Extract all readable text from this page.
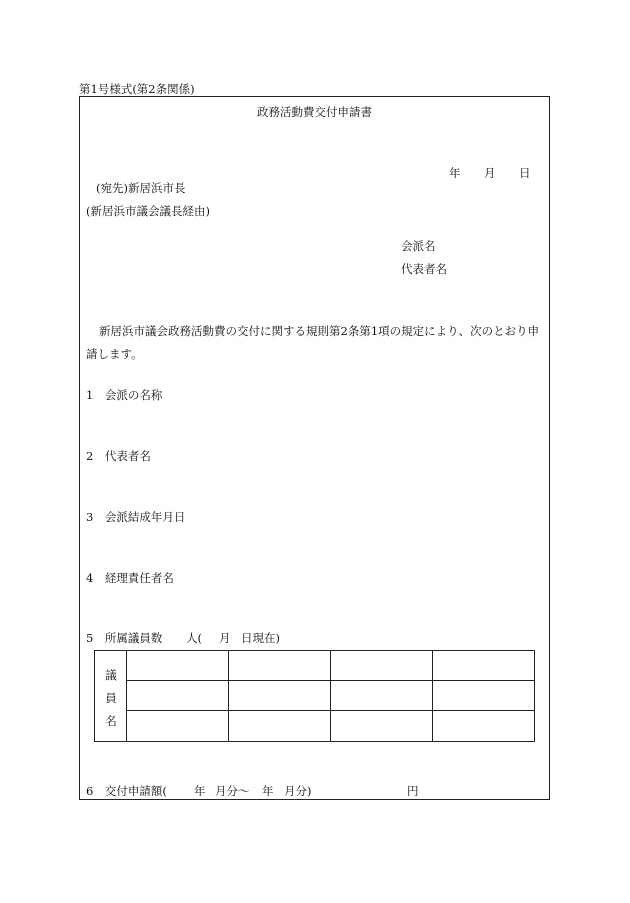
第1号様式(第2条関係)
政務活動費交付申請書
年 月 日
(宛先)新居浜市長
(新居浜市議会議長経由)
会派名
代表者名
新居浜市議会政務活動費の交付に関する規則第2条第1項の規定により、次のとおり申
請します。
1　会派の名称
2　代表者名
3　会派結成年月日
4　経理責任者名
5　所属議員数 人( 月 日現在)
議
員
名
6　交付申請額( 年 月分〜 年 月分)	円
